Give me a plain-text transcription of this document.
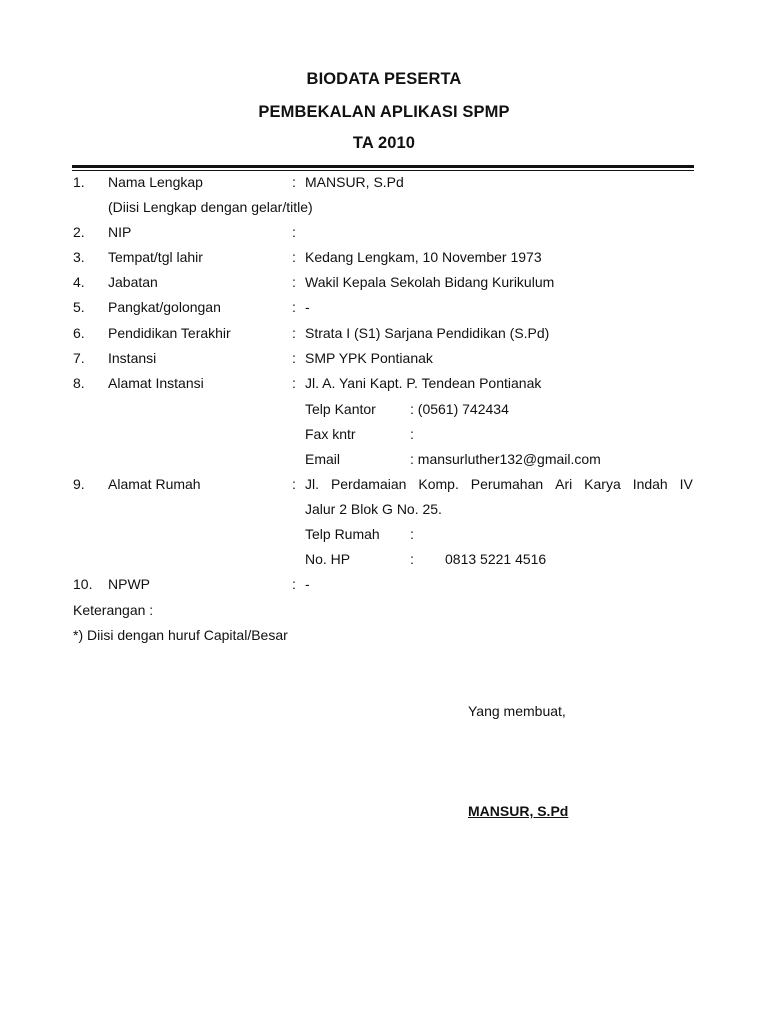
BIODATA PESERTA
PEMBEKALAN APLIKASI SPMP
TA 2010
1. Nama Lengkap	: MANSUR, S.Pd
(Diisi Lengkap dengan gelar/title)
2. NIP	:
3. Tempat/tgl lahir	: Kedang Lengkam, 10 November 1973
4. Jabatan	: Wakil Kepala Sekolah Bidang Kurikulum
5. Pangkat/golongan	: -
6. Pendidikan Terakhir	: Strata I (S1) Sarjana Pendidikan (S.Pd)
7. Instansi	: SMP YPK Pontianak
8. Alamat Instansi	: Jl. A. Yani Kapt. P. Tendean Pontianak
Telp Kantor : (0561) 742434
Fax kntr	:
Email	: mansurluther132@gmail.com
9. Alamat Rumah	: Jl. Perdamaian Komp. Perumahan Ari Karya Indah IV
Jalur 2 Blok G No. 25.
Telp Rumah :
No. HP	: 0813 5221 4516
10. NPWP	: -
Keterangan :
*) Diisi dengan huruf Capital/Besar
Yang membuat,
MANSUR, S.Pd
